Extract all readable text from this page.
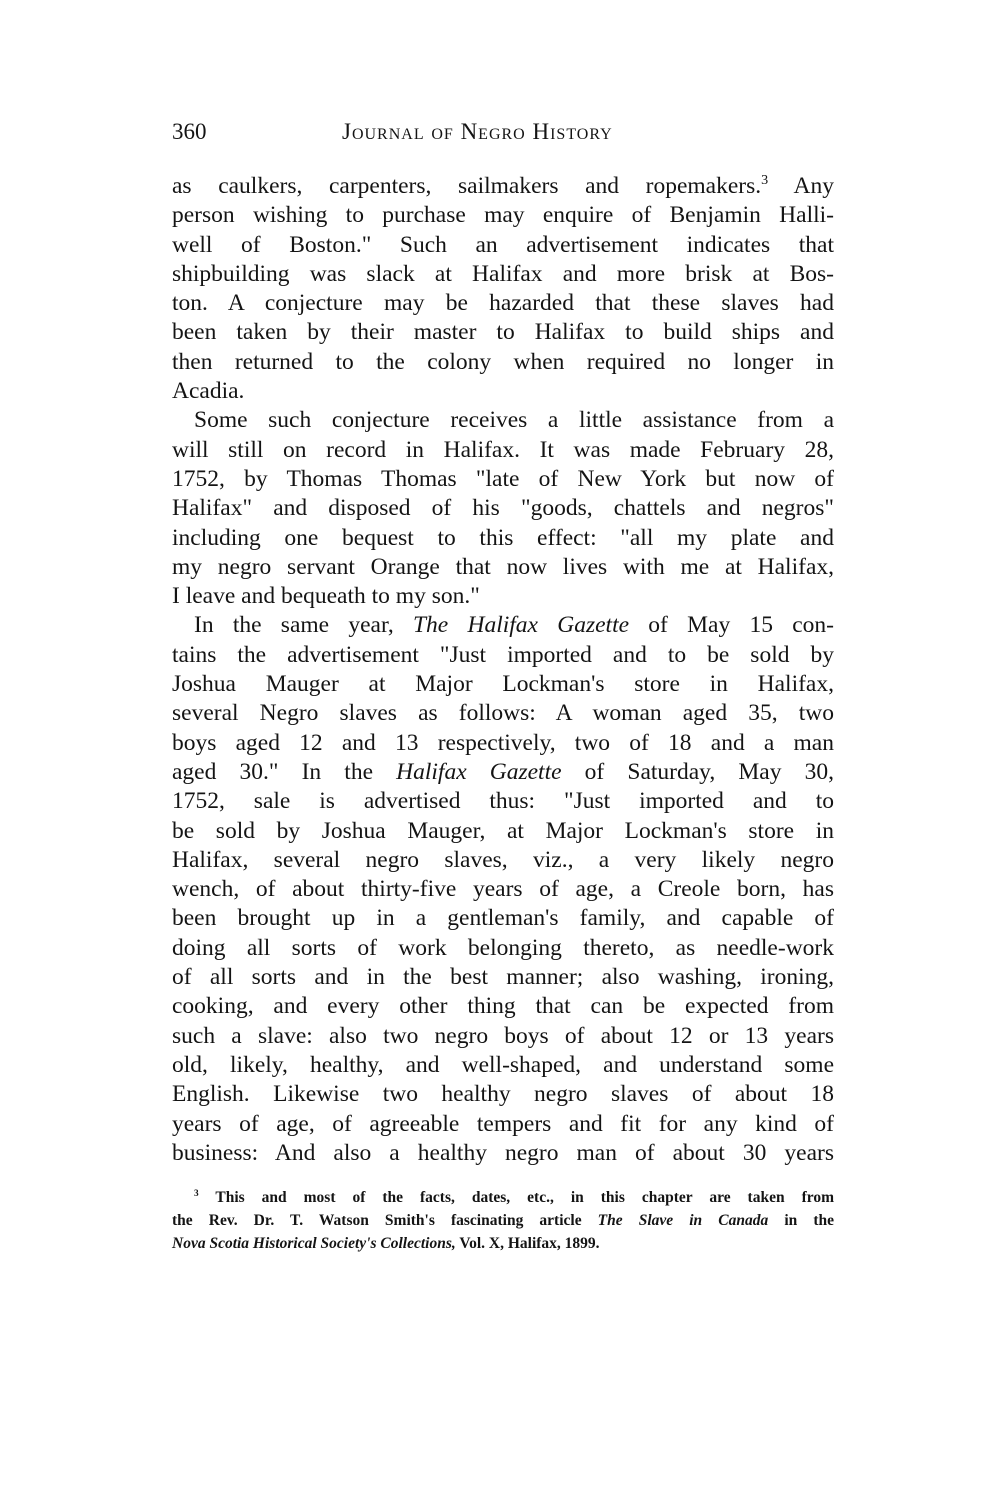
360	Journal of Negro History
as caulkers, carpenters, sailmakers and ropemakers.$^3$ Any
person wishing to purchase may enquire of Benjamin Halli-
well of Boston." Such an advertisement indicates that
shipbuilding was slack at Halifax and more brisk at Bos-
ton. A conjecture may be hazarded that these slaves had
been taken by their master to Halifax to build ships and
then returned to the colony when required no longer in
Acadia.
Some such conjecture receives a little assistance from a
will still on record in Halifax. It was made February 28,
1752, by Thomas Thomas "late of New York but now of
Halifax" and disposed of his "goods, chattels and negros"
including one bequest to this effect: "all my plate and
my negro servant Orange that now lives with me at Halifax,
I leave and bequeath to my son."
In the same year, The Halifax Gazette of May 15 con-
tains the advertisement "Just imported and to be sold by
Joshua Mauger at Major Lockman's store in Halifax,
several Negro slaves as follows: A woman aged 35, two
boys aged 12 and 13 respectively, two of 18 and a man
aged 30." In the Halifax Gazette of Saturday, May 30,
1752, sale is advertised thus: "Just imported and to
be sold by Joshua Mauger, at Major Lockman's store in
Halifax, several negro slaves, viz., a very likely negro
wench, of about thirty-five years of age, a Creole born, has
been brought up in a gentleman's family, and capable of
doing all sorts of work belonging thereto, as needle-work
of all sorts and in the best manner; also washing, ironing,
cooking, and every other thing that can be expected from
such a slave: also two negro boys of about 12 or 13 years
old, likely, healthy, and well-shaped, and understand some
English. Likewise two healthy negro slaves of about 18
years of age, of agreeable tempers and fit for any kind of
business: And also a healthy negro man of about 30 years
$^3$ This and most of the facts, dates, etc., in this chapter are taken from
the Rev. Dr. T. Watson Smith's fascinating article The Slave in Canada in the
Nova Scotia Historical Society's Collections, Vol. X, Halifax, 1899.
